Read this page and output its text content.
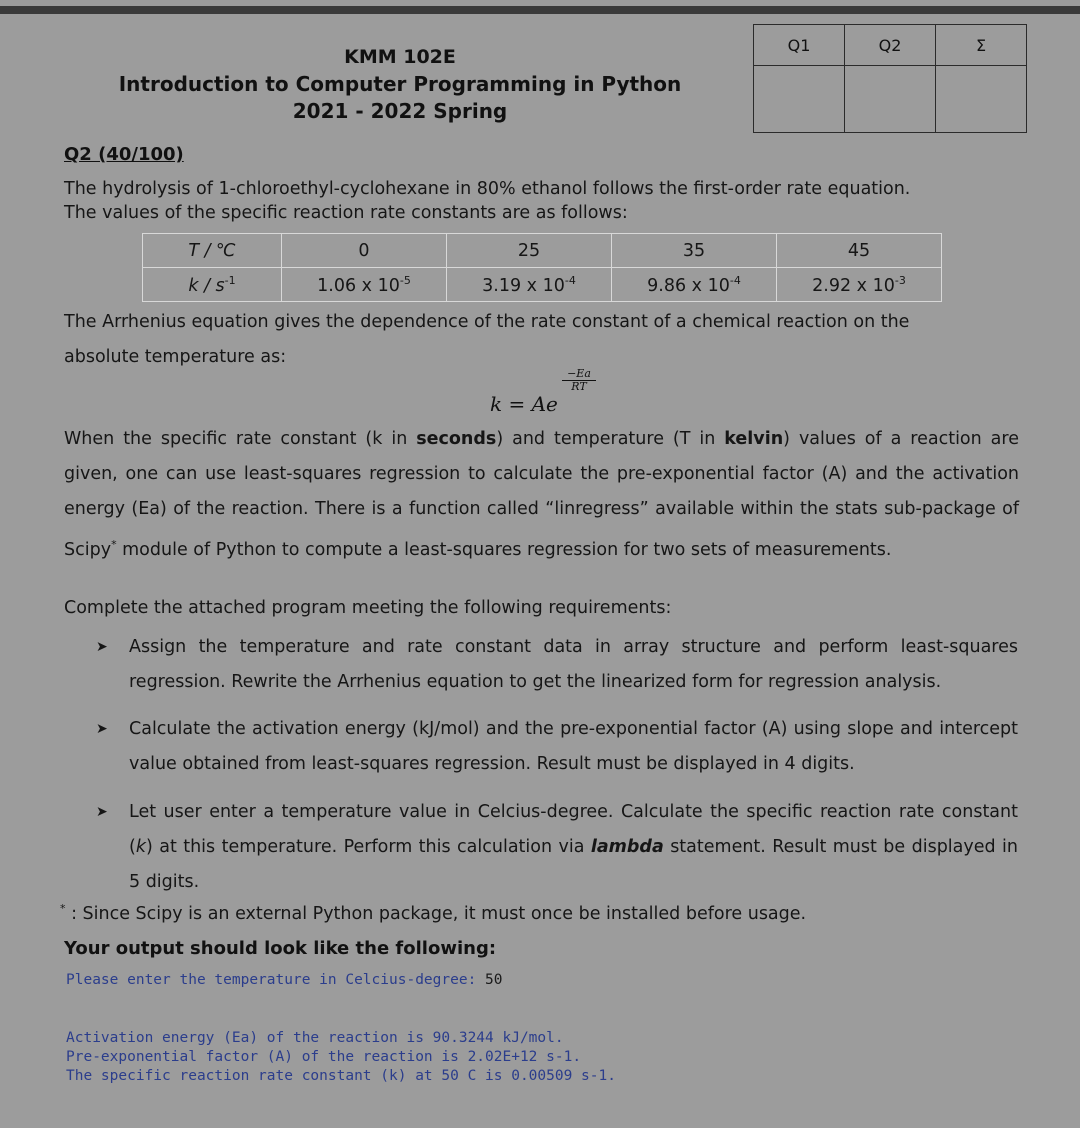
KMM 102E
Introduction to Computer Programming in Python
2021 - 2022 Spring
Q1	Q2	Σ

Q2 (40/100)
The hydrolysis of 1-chloroethyl-cyclohexane in 80% ethanol follows the first-order rate equation.
The values of the specific reaction rate constants are as follows:
T / ℃	0	25	35	45
k / $s^{-1}$	1.06 x $10^{-5}$	3.19 x $10^{-4}$	9.86 x $10^{-4}$	2.92 x $10^{-3}$
The Arrhenius equation gives the dependence of the rate constant of a chemical reaction on the
absolute temperature as:
$\frac{-Ea}{RT}$
k = Ae
When the specific rate constant (k in seconds) and temperature (T in kelvin) values of a reaction are given, one can use least-squares regression to calculate the pre-exponential factor (A) and the activation energy (Ea) of the reaction. There is a function called “linregress” available within the stats sub-package of Scipy* module of Python to compute a least-squares regression for two sets of measurements.
Complete the attached program meeting the following requirements:
➤ Assign the temperature and rate constant data in array structure and perform least-squares regression. Rewrite the Arrhenius equation to get the linearized form for regression analysis.
➤ Calculate the activation energy (kJ/mol) and the pre-exponential factor (A) using slope and intercept value obtained from least-squares regression. Result must be displayed in 4 digits.
➤ Let user enter a temperature value in Celcius-degree. Calculate the specific reaction rate constant (k) at this temperature. Perform this calculation via lambda statement. Result must be displayed in 5 digits.
* : Since Scipy is an external Python package, it must once be installed before usage.
Your output should look like the following:
Please enter the temperature in Celcius-degree: 50

Activation energy (Ea) of the reaction is 90.3244 kJ/mol.
Pre-exponential factor (A) of the reaction is 2.02E+12 s-1.
The specific reaction rate constant (k) at 50 C is 0.00509 s-1.
